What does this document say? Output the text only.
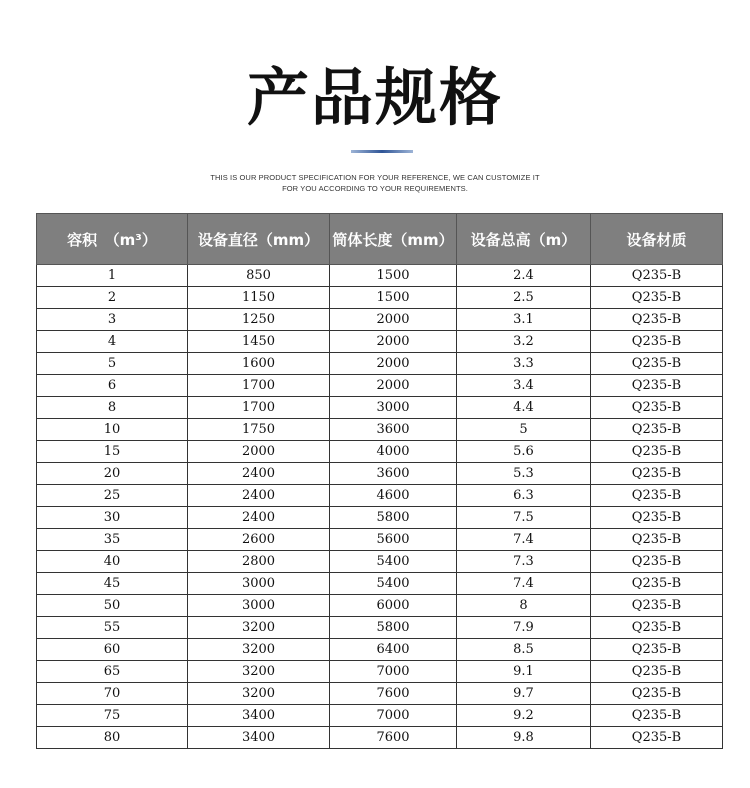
产品规格
THIS IS OUR PRODUCT SPECIFICATION FOR YOUR REFERENCE, WE CAN CUSTOMIZE IT
FOR YOU ACCORDING TO YOUR REQUIREMENTS.
容积　（m³）	设备直径（mm）	筒体长度（mm）	设备总高（m）	设备材质
1	850	1500	2.4	Q235-B
2	1150	1500	2.5	Q235-B
3	1250	2000	3.1	Q235-B
4	1450	2000	3.2	Q235-B
5	1600	2000	3.3	Q235-B
6	1700	2000	3.4	Q235-B
8	1700	3000	4.4	Q235-B
10	1750	3600	5	Q235-B
15	2000	4000	5.6	Q235-B
20	2400	3600	5.3	Q235-B
25	2400	4600	6.3	Q235-B
30	2400	5800	7.5	Q235-B
35	2600	5600	7.4	Q235-B
40	2800	5400	7.3	Q235-B
45	3000	5400	7.4	Q235-B
50	3000	6000	8	Q235-B
55	3200	5800	7.9	Q235-B
60	3200	6400	8.5	Q235-B
65	3200	7000	9.1	Q235-B
70	3200	7600	9.7	Q235-B
75	3400	7000	9.2	Q235-B
80	3400	7600	9.8	Q235-B
